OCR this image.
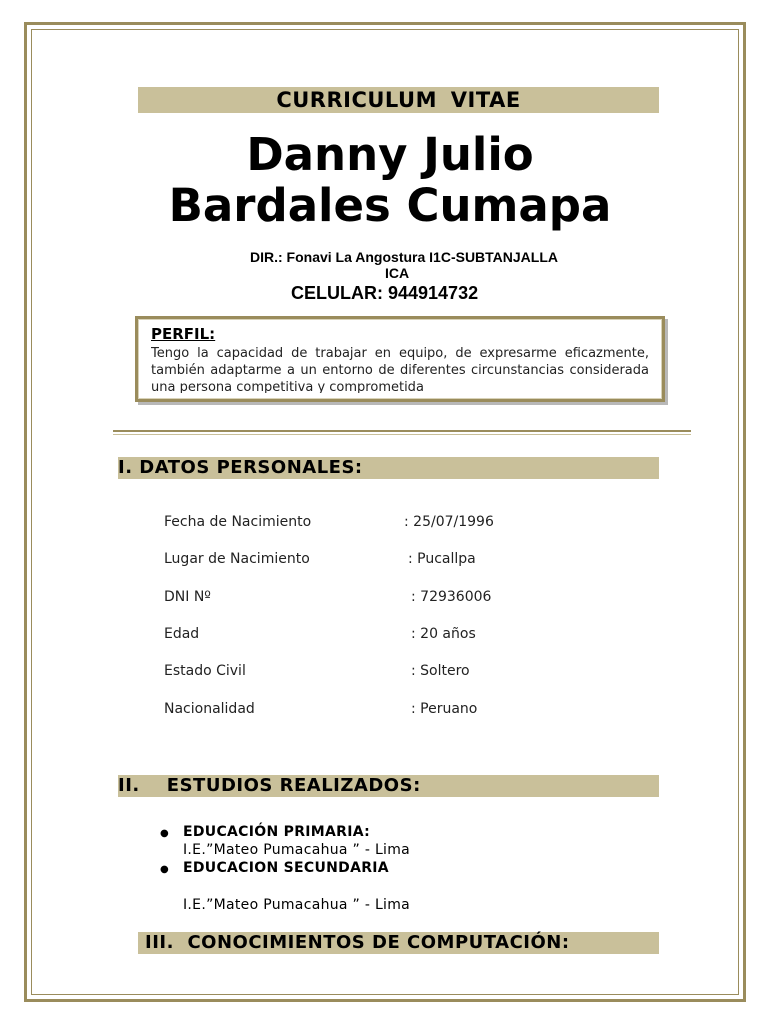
CURRICULUM VITAE
Danny Julio
Bardales Cumapa
DIR.: Fonavi La Angostura I1C-SUBTANJALLA
ICA
CELULAR: 944914732
PERFIL:
Tengo la capacidad de trabajar en equipo, de expresarme eficazmente, también adaptarme a un entorno de diferentes circunstancias considerada una persona competitiva y comprometida
I. DATOS PERSONALES:
Fecha de Nacimiento	: 25/07/1996
Lugar de Nacimiento	: Pucallpa
DNI Nº	: 72936006
Edad	: 20 años
Estado Civil	: Soltero
Nacionalidad	: Peruano
II.    ESTUDIOS REALIZADOS:
● EDUCACIÓN PRIMARIA:
I.E.”Mateo Pumacahua ” - Lima
● EDUCACION SECUNDARIA
I.E.”Mateo Pumacahua ” - Lima
III.  CONOCIMIENTOS DE COMPUTACIÓN:
